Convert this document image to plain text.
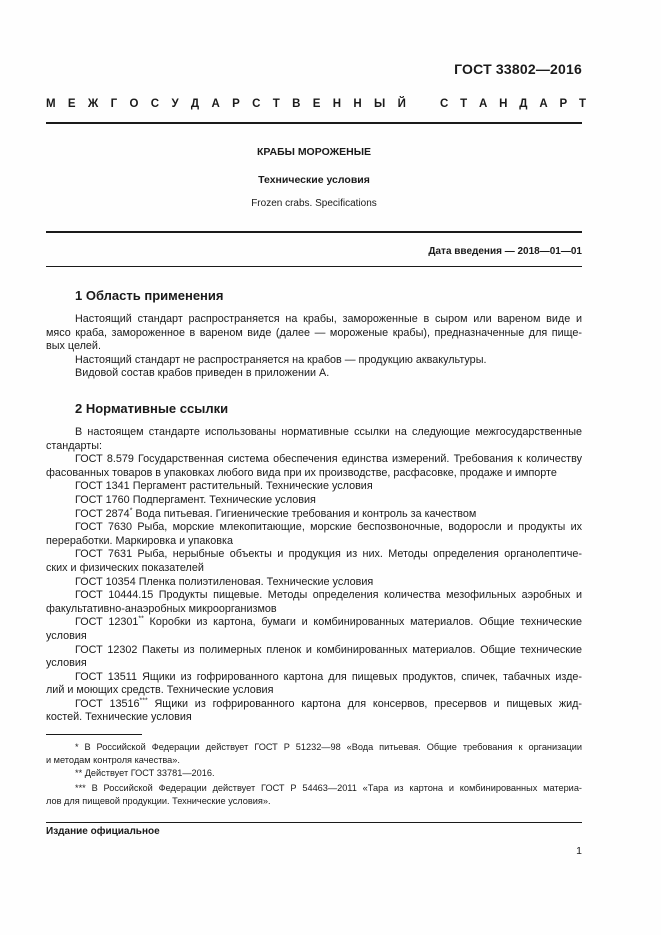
ГОСТ 33802—2016
М Е Ж Г О С У Д А Р С Т В Е Н Н Ы Й	С Т А Н Д А Р Т
КРАБЫ МОРОЖЕНЫЕ
Технические условия
Frozen crabs. Specifications
Дата введения — 2018—01—01
1 Область применения
Настоящий стандарт распространяется на крабы, замороженные в сыром или вареном виде и
мясо краба, замороженное в вареном виде (далее — мороженые крабы), предназначенные для пище-
вых целей.
Настоящий стандарт не распространяется на крабов — продукцию аквакультуры.
Видовой состав крабов приведен в приложении А.
2 Нормативные ссылки
В настоящем стандарте использованы нормативные ссылки на следующие межгосударственные
стандарты:
ГОСТ 8.579 Государственная система обеспечения единства измерений. Требования к количеству
фасованных товаров в упаковках любого вида при их производстве, расфасовке, продаже и импорте
ГОСТ 1341 Пергамент растительный. Технические условия
ГОСТ 1760 Подпергамент. Технические условия
ГОСТ 2874* Вода питьевая. Гигиенические требования и контроль за качеством
ГОСТ 7630 Рыба, морские млекопитающие, морские беспозвоночные, водоросли и продукты их
переработки. Маркировка и упаковка
ГОСТ 7631 Рыба, нерыбные объекты и продукция из них. Методы определения органолептиче-
ских и физических показателей
ГОСТ 10354 Пленка полиэтиленовая. Технические условия
ГОСТ 10444.15 Продукты пищевые. Методы определения количества мезофильных аэробных и
факультативно-анаэробных микроорганизмов
ГОСТ 12301** Коробки из картона, бумаги и комбинированных материалов. Общие технические
условия
ГОСТ 12302 Пакеты из полимерных пленок и комбинированных материалов. Общие технические
условия
ГОСТ 13511 Ящики из гофрированного картона для пищевых продуктов, спичек, табачных изде-
лий и моющих средств. Технические условия
ГОСТ 13516*** Ящики из гофрированного картона для консервов, пресервов и пищевых жид-
костей. Технические условия
* В Российской Федерации действует ГОСТ Р 51232—98 «Вода питьевая. Общие требования к организации
и методам контроля качества».
** Действует ГОСТ 33781—2016.
*** В Российской Федерации действует ГОСТ Р 54463—2011 «Тара из картона и комбинированных материа-
лов для пищевой продукции. Технические условия».
Издание официальное
1
